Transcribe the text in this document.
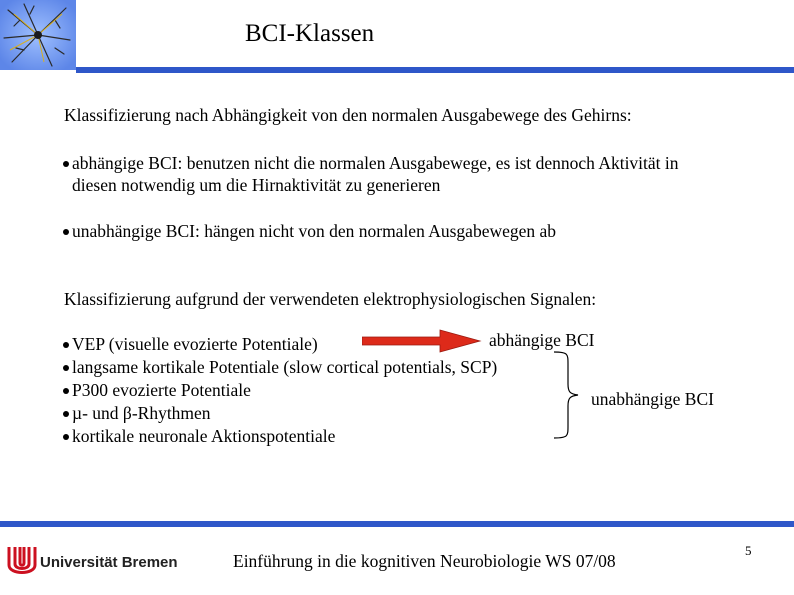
BCI-Klassen
Klassifizierung nach Abhängigkeit von den normalen Ausgabewege des Gehirns:
abhängige BCI: benutzen nicht die normalen Ausgabewege, es ist dennoch Aktivität in
diesen notwendig um die Hirnaktivität zu generieren
unabhängige BCI: hängen nicht von den normalen Ausgabewegen ab
Klassifizierung aufgrund der verwendeten elektrophysiologischen Signalen:
VEP (visuelle evozierte Potentiale)
langsame kortikale Potentiale (slow cortical potentials, SCP)
P300 evozierte Potentiale
µ- und β-Rhythmen
kortikale neuronale Aktionspotentiale
abhängige BCI
unabhängige BCI
Universität Bremen	Einführung in die kognitiven Neurobiologie WS 07/08
5
